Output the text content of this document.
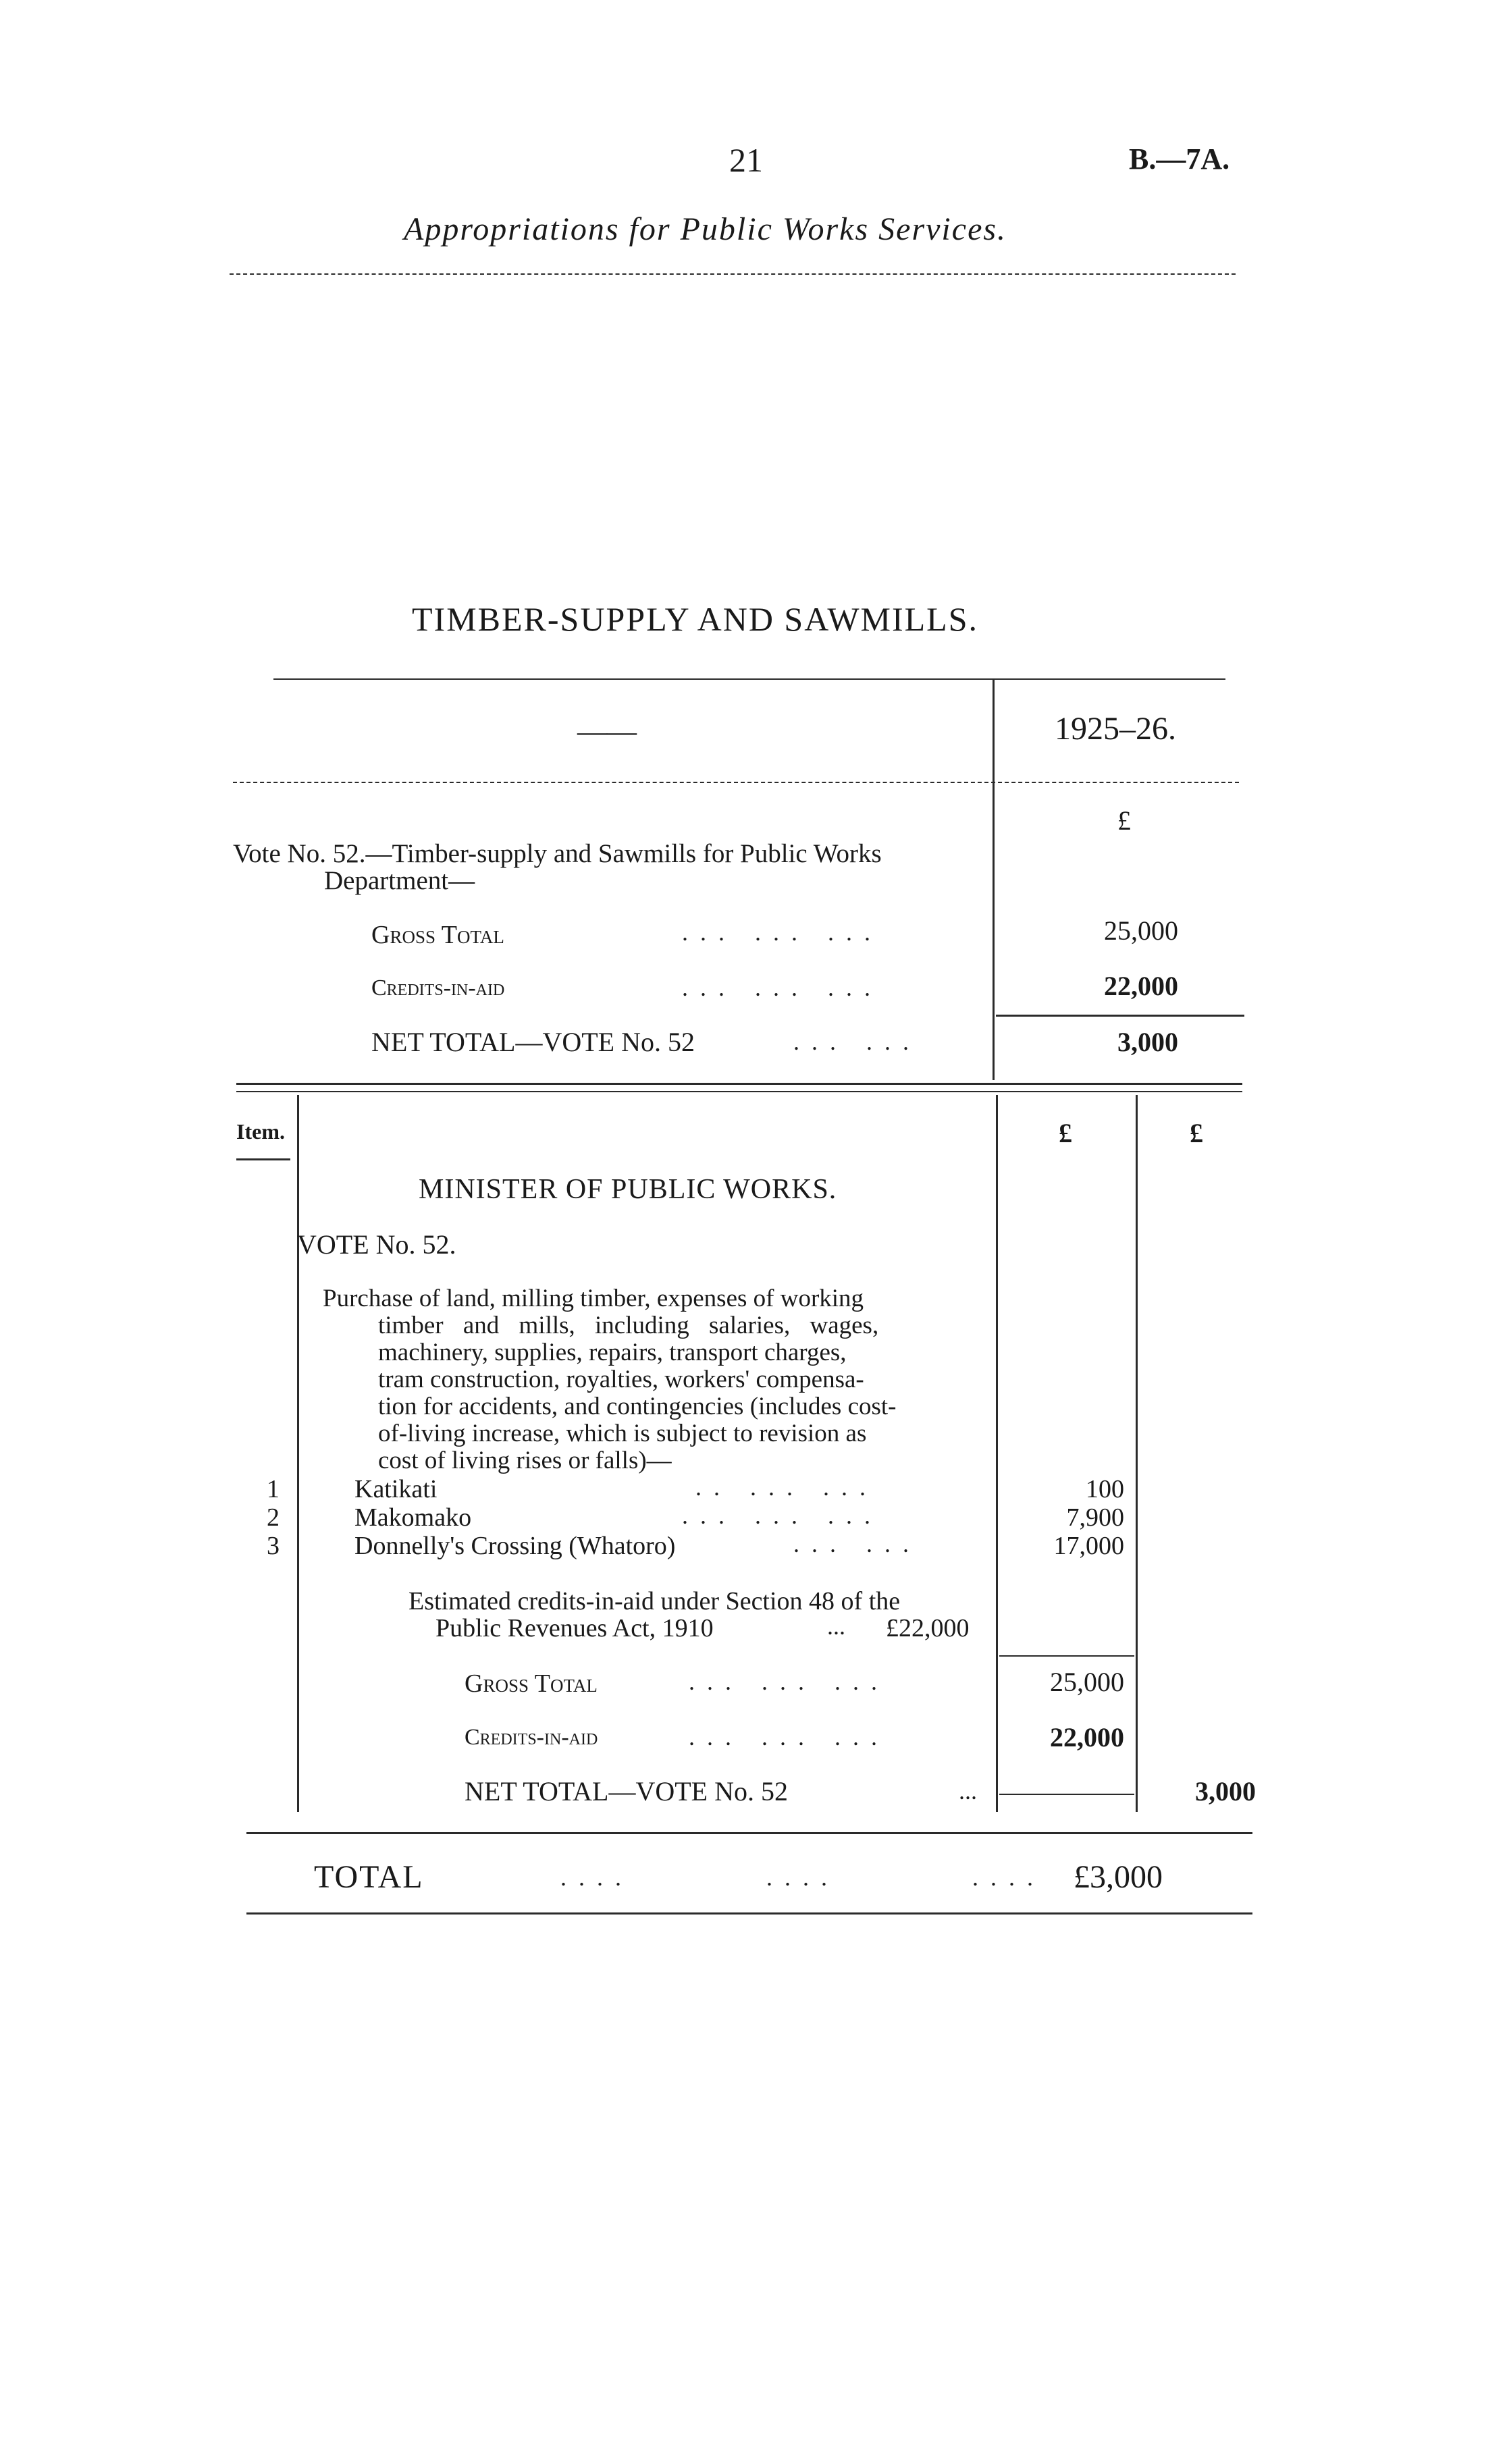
21	B.—7A.
Appropriations for Public Works Services.
TIMBER-SUPPLY AND SAWMILLS.
——	1925–26.
£
Vote No. 52.—Timber-supply and Sawmills for Public Works
Department—
Gross Total	... ... ...	25,000
Credits-in-aid	... ... ...	22,000
NET TOTAL—VOTE No. 52	... ...	3,000
Item.	£	£
MINISTER OF PUBLIC WORKS.
VOTE No. 52.
Purchase of land, milling timber, expenses of working
timber and mills, including salaries, wages,
machinery, supplies, repairs, transport charges,
tram construction, royalties, workers' compensa-
tion for accidents, and contingencies (includes cost-
of-living increase, which is subject to revision as
cost of living rises or falls)—
1	Katikati	.. ... ...	100
2	Makomako	... ... ...	7,900
3	Donnelly's Crossing (Whatoro)	... ...	17,000
Estimated credits-in-aid under Section 48 of the
Public Revenues Act, 1910	... £22,000
Gross Total	... ... ...	25,000
Credits-in-aid	... ... ...	22,000
NET TOTAL—VOTE No. 52	...	3,000
TOTAL	.... .... .... £3,000
